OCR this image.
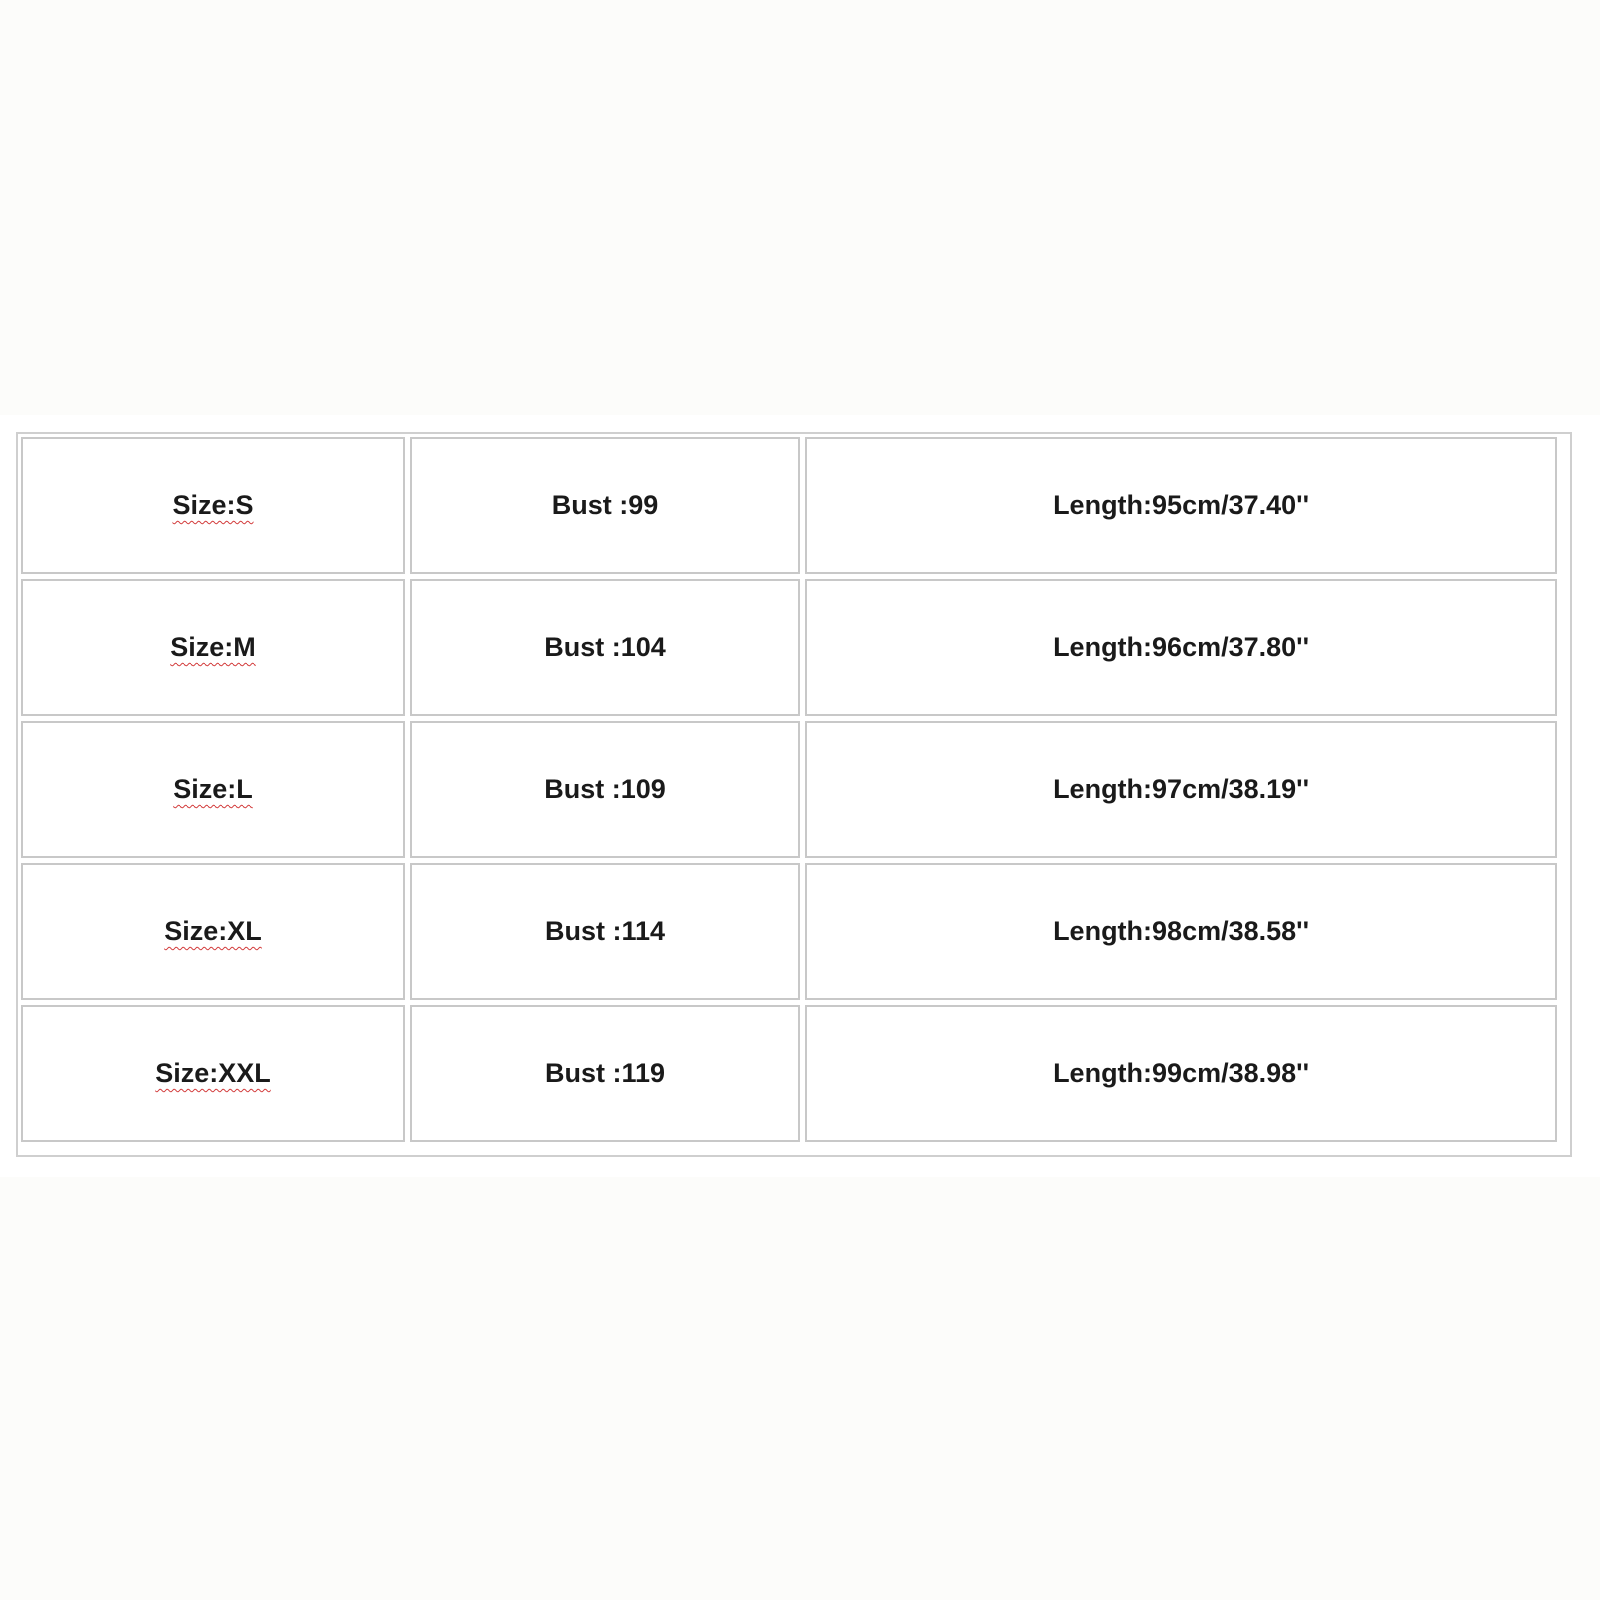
Size:S	Bust :99	Length:95cm/37.40''
Size:M	Bust :104	Length:96cm/37.80''
Size:L	Bust :109	Length:97cm/38.19''
Size:XL	Bust :114	Length:98cm/38.58''
Size:XXL	Bust :119	Length:99cm/38.98''
